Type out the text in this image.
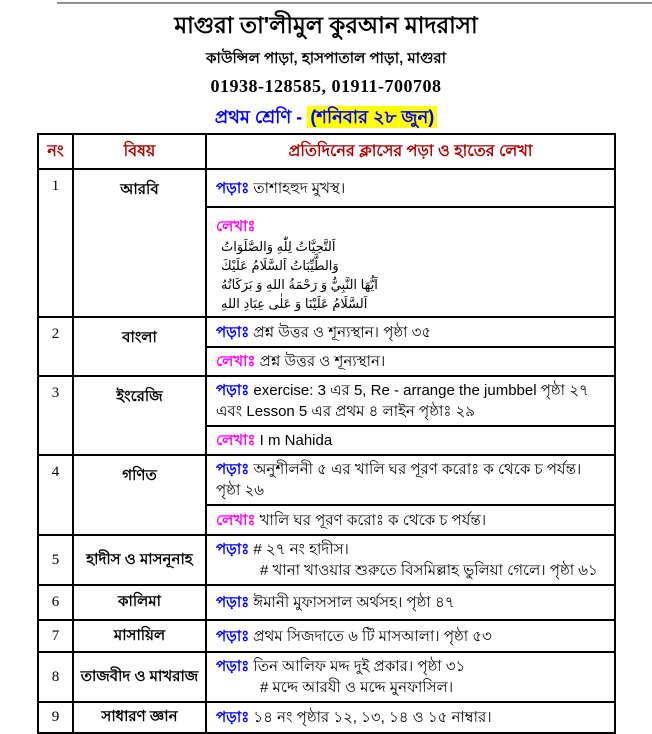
মাগুরা তা'লীমুল কুরআন মাদরাসা
কাউন্সিল পাড়া, হাসপাতাল পাড়া, মাগুরা
01938-128585, 01911-700708
প্রথম শ্রেণি - (শনিবার ২৮ জুন)
নং	বিষয়	প্রতিদিনের ক্লাসের পড়া ও হাতের লেখা
1	আরবি	পড়াঃ তাশাহহুদ মুখস্থ।

		লেখাঃ
اَلتَّحِيَّاتُ لِلّٰهِ وَالصَّلَوَاتُ
وَالطَّيِّبَاتُ اَلسَّلَامُ عَلَيْكَ
اَيُّهَا النَّبِيُّ وَ رَحْمَةُ اللهِ وَ بَرَكَاتُهُ
اَلسَّلَامُ عَلَيْنَا وَ عَلٰى عِبَادِ اللهِ

2	বাংলা	পড়াঃ প্রশ্ন উত্তর ও শূন্যস্থান। পৃষ্ঠা ৩৫
		লেখাঃ প্রশ্ন উত্তর ও শূন্যস্থান।
3	ইংরেজি	পড়াঃ exercise: 3 এর 5, Re - arrange the jumbbel পৃষ্ঠা ২৭ এবং Lesson 5 এর প্রথম ৪ লাইন পৃষ্ঠাঃ ২৯
		লেখাঃ I m Nahida
4	গণিত	পড়াঃ অনুশীলনী ৫ এর খালি ঘর পূরণ করোঃ ক থেকে চ পর্যন্ত। পৃষ্ঠা ২৬
		লেখাঃ খালি ঘর পূরণ করোঃ ক থেকে চ পর্যন্ত।
5	হাদীস ও মাসনূনাহ	পড়াঃ # ২৭ নং হাদীস।
# খানা খাওয়ার শুরুতে বিসমিল্লাহ ভুলিয়া গেলে। পৃষ্ঠা ৬১

6	কালিমা	পড়াঃ ঈমানী মুফাসসাল অর্থসহ। পৃষ্ঠা ৪৭
7	মাসায়িল	পড়াঃ প্রথম সিজদাতে ৬ টি মাসআলা। পৃষ্ঠা ৫৩
8	তাজবীদ ও মাখরাজ	পড়াঃ তিন আলিফ মদ্দ দুই প্রকার। পৃষ্ঠা ৩১
# মদ্দে আরযী ও মদ্দে মুনফাসিল।

9	সাধারণ জ্ঞান	পড়াঃ ১৪ নং পৃষ্ঠার ১২, ১৩, ১৪ ও ১৫ নাম্বার।
